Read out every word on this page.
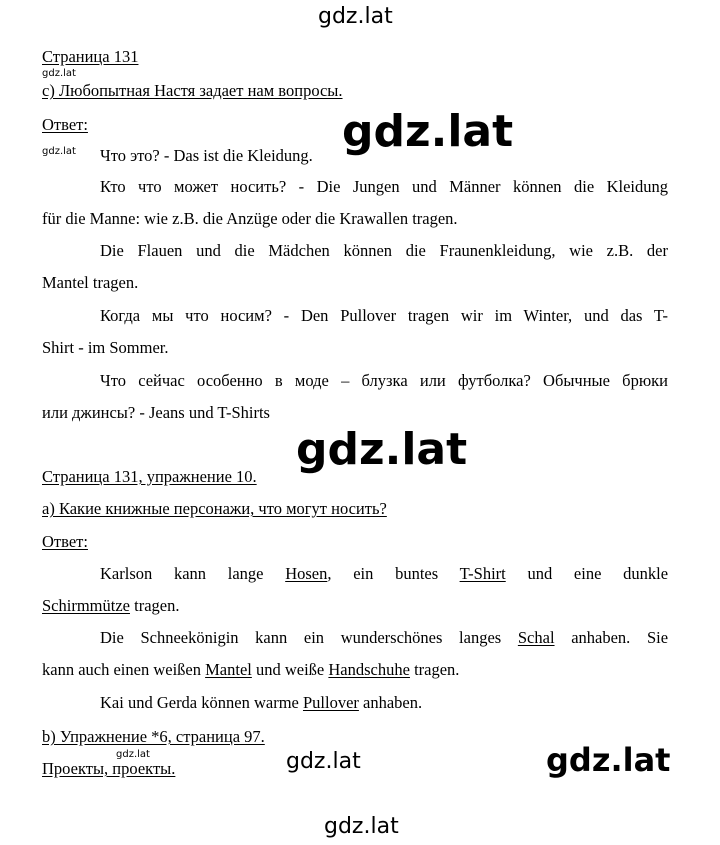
gdz.lat
gdz.lat
gdz.lat	gdz.lat
gdz.lat
gdz.lat	gdz.lat	gdz.lat
gdz.lat
Страница 131
с) Любопытная Настя задает нам вопросы.
Ответ:
Что это? - Das ist die Kleidung.
Кто что может носить? - Die Jungen und Männer können die Kleidung
für die Manne: wie z.B. die Anzüge oder die Krawallen tragen.
Die Flauen und die Mädchen können die Fraunenkleidung, wie z.B. der
Mantel tragen.
Когда мы что носим? - Den Pullover tragen wir im Winter, und das T-
Shirt - im Sommer.
Что сейчас особенно в моде – блузка или футболка? Обычные брюки
или джинсы? - Jeans und T-Shirts
Страница 131, упражнение 10.
а) Какие книжные персонажи, что могут носить?
Ответ:
Karlson kann lange Hosen, ein buntes T-Shirt und eine dunkle
Schirmmütze tragen.
Die Schneekönigin kann ein wunderschönes langes Schal anhaben. Sie
kann auch einen weißen Mantel und weiße Handschuhe tragen.
Kai und Gerda können warme Pullover anhaben.
b) Упражнение *6, страница 97.
Проекты, проекты.
